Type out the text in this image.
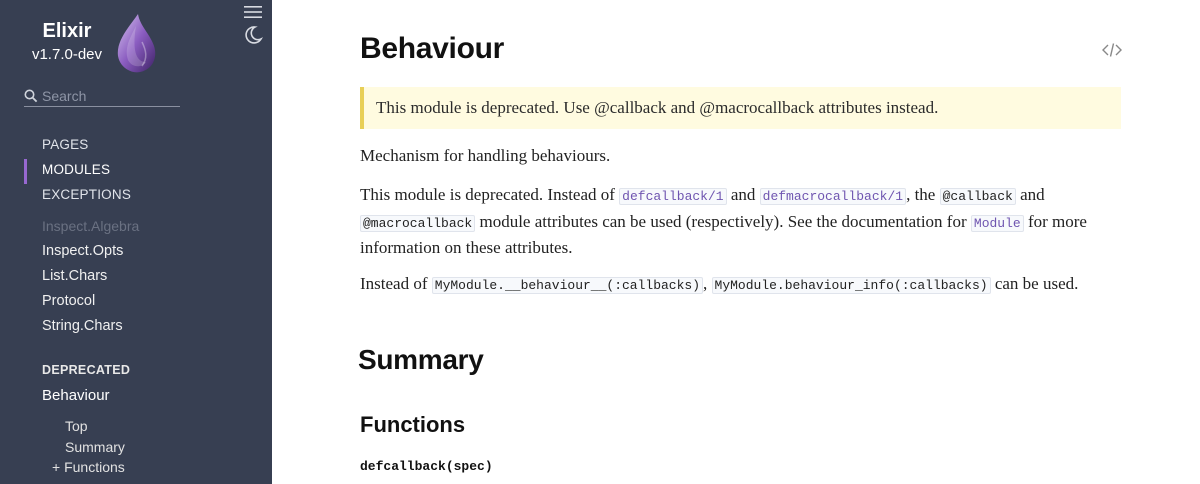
Elixir
v1.7.0-dev
Search
PAGES
MODULES
EXCEPTIONS
Inspect.Algebra
Inspect.Opts
List.Chars
Protocol
String.Chars
DEPRECATED
Behaviour
Top
Summary
+ Functions
Behaviour
This module is deprecated. Use @callback and @macrocallback attributes instead.

Mechanism for handling behaviours.

This module is deprecated. Instead of defcallback/1 and defmacrocallback/1 , the @callback and @macrocallback module attributes can be used (respectively). See the documentation for Module for more information on these attributes.

Instead of MyModule.__behaviour__(:callbacks) , MyModule.behaviour_info(:callbacks) can be used.

Summary
Functions
defcallback(spec)
